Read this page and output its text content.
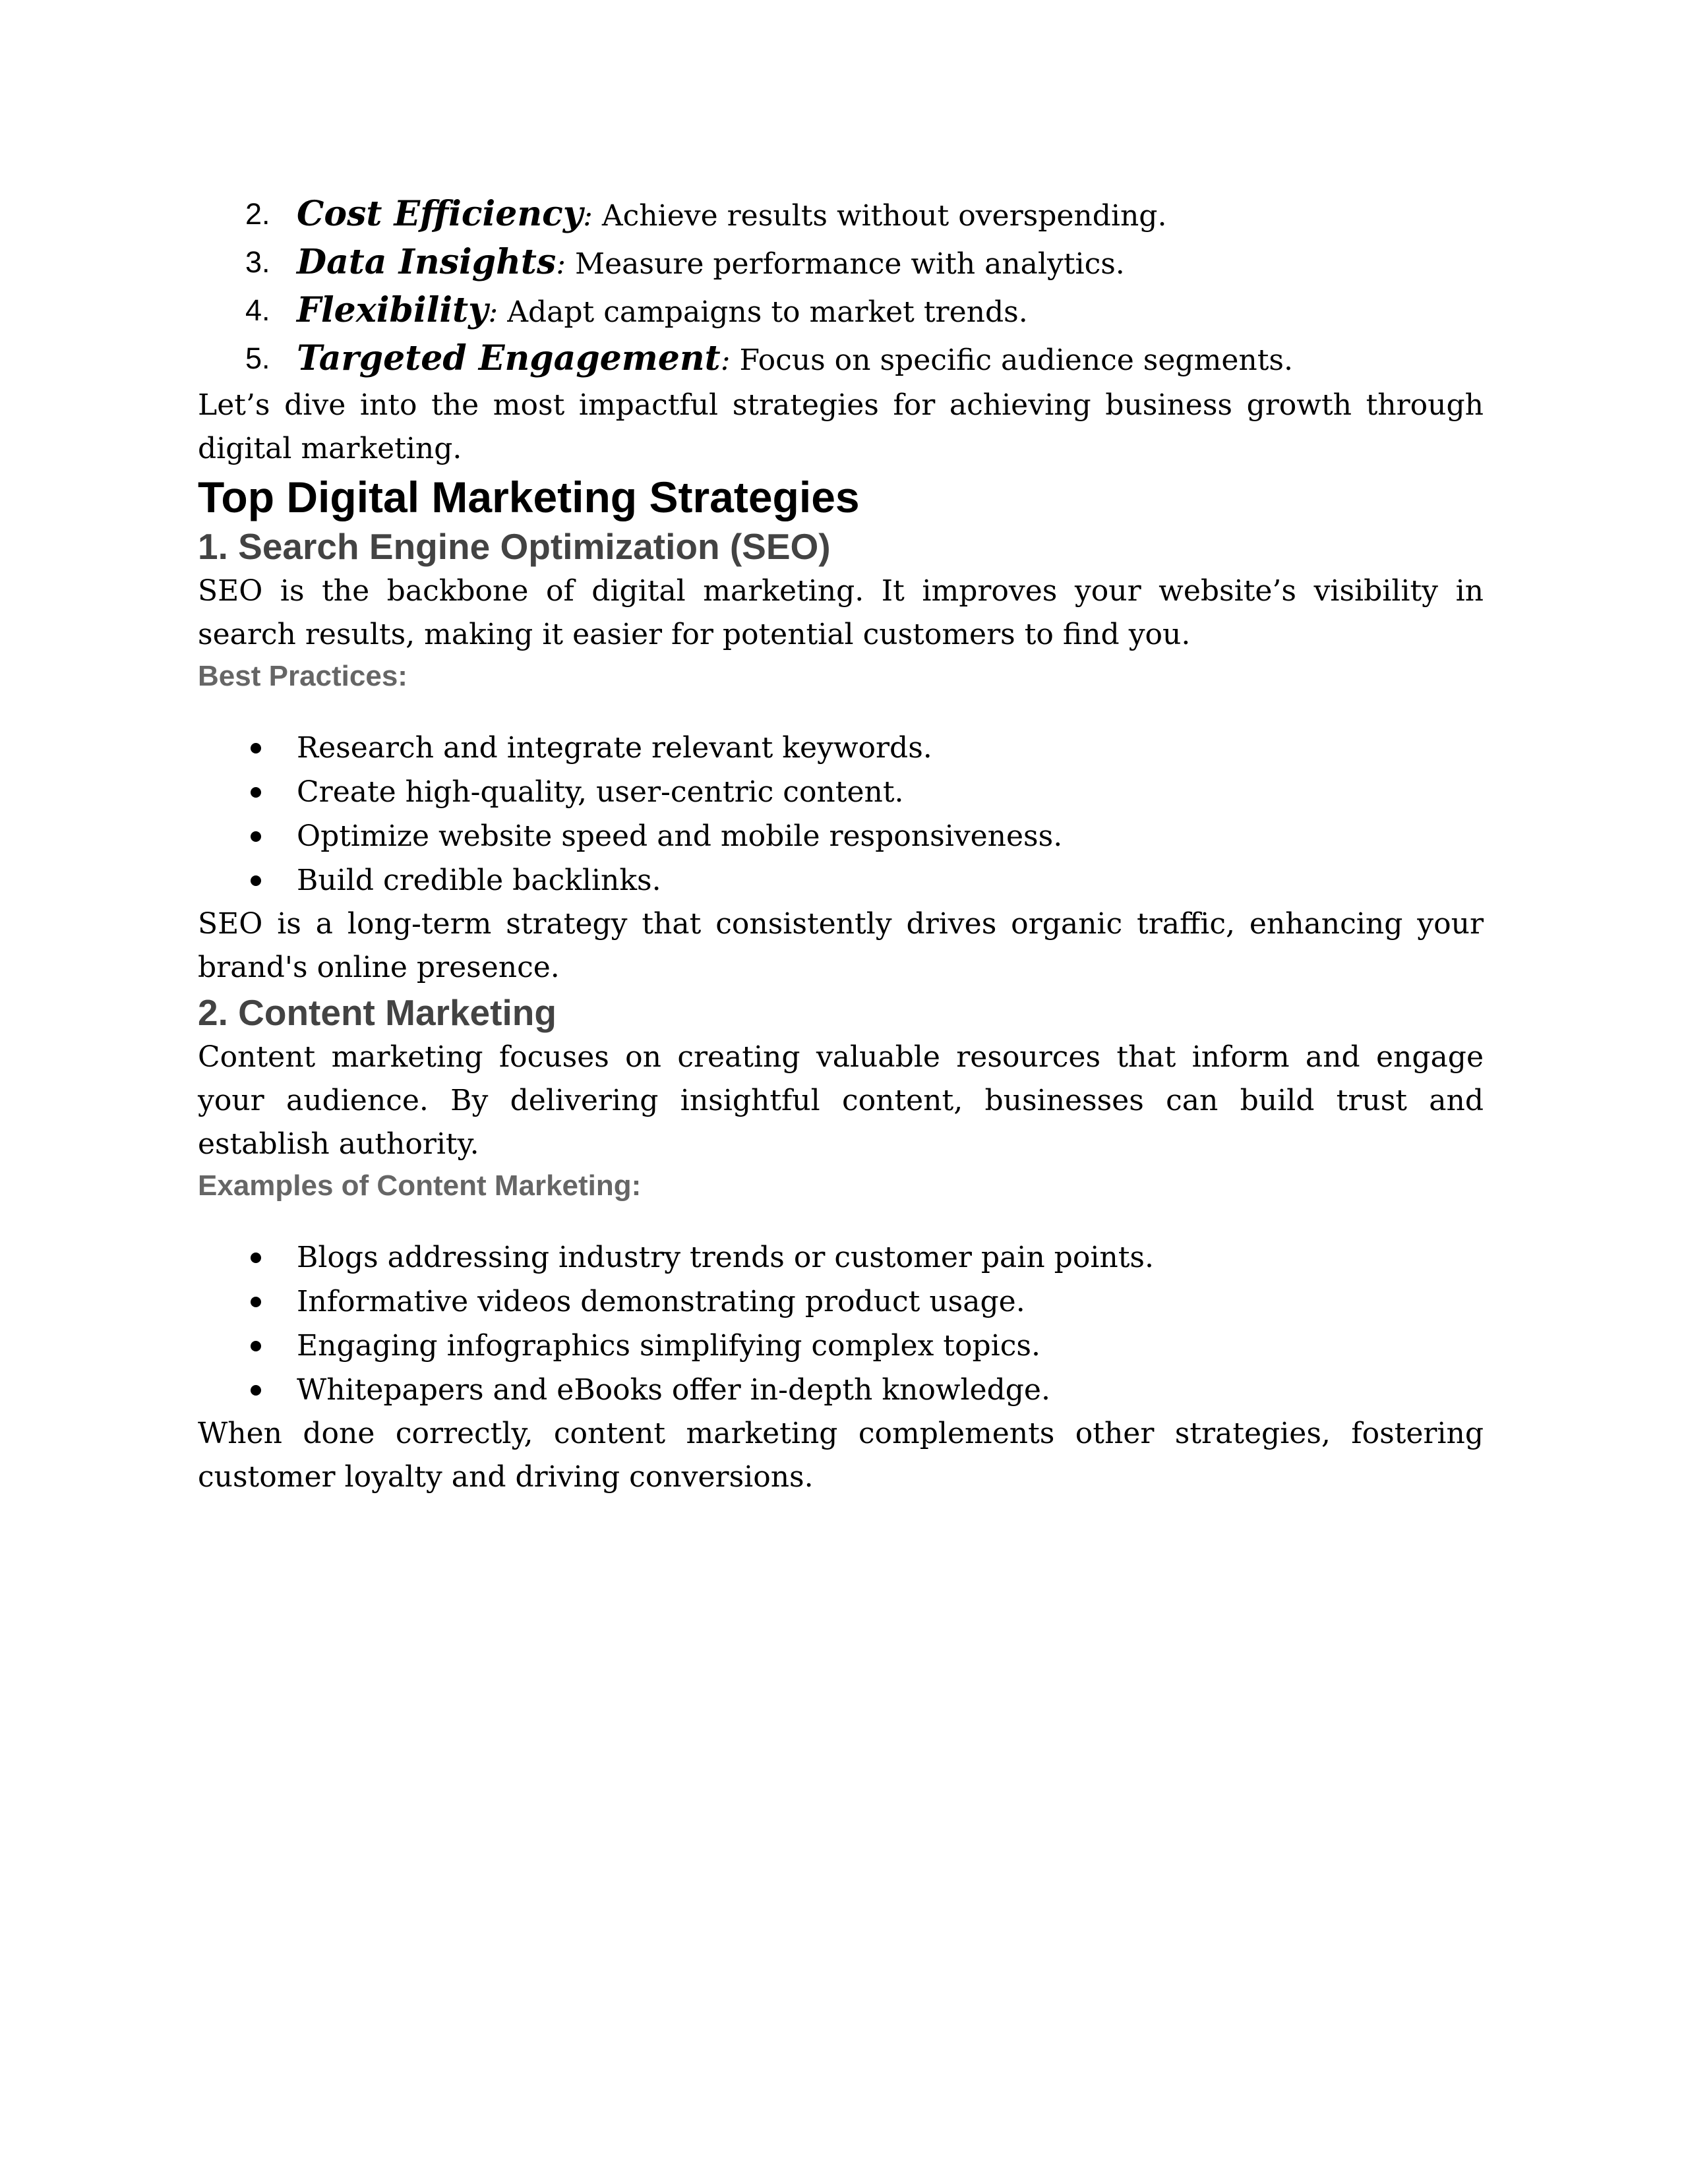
2. Cost Efficiency: Achieve results without overspending.
3. Data Insights: Measure performance with analytics.
4. Flexibility: Adapt campaigns to market trends.
5. Targeted Engagement: Focus on specific audience segments.

Let’s dive into the most impactful strategies for achieving business growth through digital marketing.

Top Digital Marketing Strategies
1. Search Engine Optimization (SEO)

SEO is the backbone of digital marketing. It improves your website’s visibility in search results, making it easier for potential customers to find you.

Best Practices:
Research and integrate relevant keywords.
Create high-quality, user-centric content.
Optimize website speed and mobile responsiveness.
Build credible backlinks.

SEO is a long-term strategy that consistently drives organic traffic, enhancing your brand's online presence.

2. Content Marketing

Content marketing focuses on creating valuable resources that inform and engage your audience. By delivering insightful content, businesses can build trust and establish authority.

Examples of Content Marketing:
Blogs addressing industry trends or customer pain points.
Informative videos demonstrating product usage.
Engaging infographics simplifying complex topics.
Whitepapers and eBooks offer in-depth knowledge.

When done correctly, content marketing complements other strategies, fostering customer loyalty and driving conversions.
